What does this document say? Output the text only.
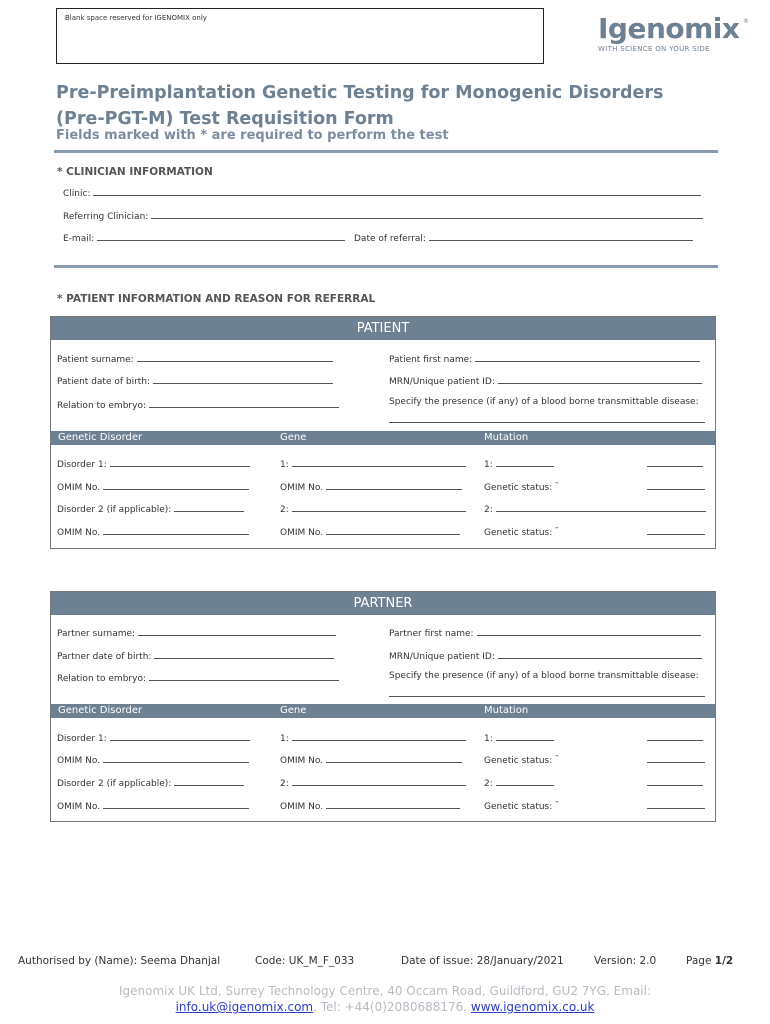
Blank space reserved for IGENOMIX only	Igenomix ®
WITH SCIENCE ON YOUR SIDE
Pre-Preimplantation Genetic Testing for Monogenic Disorders
(Pre-PGT-M) Test Requisition Form
Fields marked with * are required to perform the test
* CLINICIAN INFORMATION
Clinic:
Referring Clinician:
E-mail:	Date of referral:
* PATIENT INFORMATION AND REASON FOR REFERRAL
PATIENT
Patient surname:	Patient first name:
Patient date of birth:	MRN/Unique patient ID:
Relation to embryo:	Specify the presence (if any) of a blood borne transmittable disease:
Genetic Disorder	Gene	Mutation
Disorder 1:	1:	1:
OMIM No.	OMIM No.	Genetic status: -
Disorder 2 (if applicable):	2:	2:
OMIM No.	OMIM No.	Genetic status: -
PARTNER
Partner surname:	Partner first name:
Partner date of birth:	MRN/Unique patient ID:
Relation to embryo:	Specify the presence (if any) of a blood borne transmittable disease:
Genetic Disorder	Gene	Mutation
Disorder 1:	1:	1:
OMIM No.	OMIM No.	Genetic status: -
Disorder 2 (if applicable):	2:	2:
OMIM No.	OMIM No.	Genetic status: -
Authorised by (Name): Seema Dhanjal	Code: UK_M_F_033	Date of issue: 28/January/2021	Version: 2.0	Page 1/2
Igenomix UK Ltd, Surrey Technology Centre, 40 Occam Road, Guildford, GU2 7YG. Email:
info.uk@igenomix.com. Tel: +44(0)2080688176. www.igenomix.co.uk
